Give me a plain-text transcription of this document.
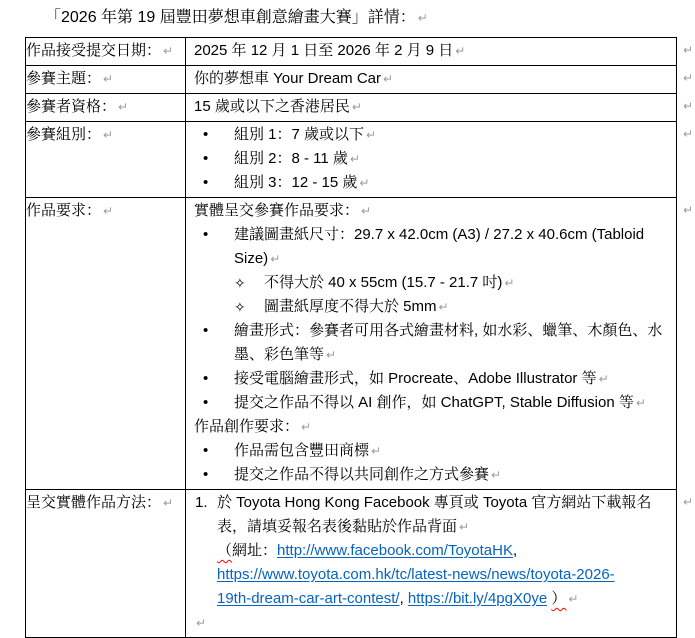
「2026 年第 19 屆豐田夢想車創意繪畫大賽」詳情： ↵

作品接受提交日期： ↵	2025 年 12 月 1 日至 2026 年 2 月 9 日 ↵

參賽主題： ↵	你的夢想車 Your Dream Car ↵

參賽者資格： ↵	15 歲或以下之香港居民 ↵

參賽組別： ↵	• 組別 1：7 歲或以下 ↵
• 組別 2：8 - 11 歲 ↵
• 組別 3：12 - 15 歲 ↵

作品要求： ↵	實體呈交參賽作品要求： ↵
• 建議圖畫紙尺寸：29.7 x 42.0cm (A3) / 27.2 x 40.6cm (Tabloid Size) ↵
✧ 不得大於 40 x 55cm (15.7 - 21.7 吋) ↵
✧ 圖畫紙厚度不得大於 5mm ↵
• 繪畫形式：參賽者可用各式繪畫材料, 如水彩、蠟筆、木顏色、水
墨、彩色筆等 ↵
• 接受電腦繪畫形式，如 Procreate、Adobe Illustrator 等 ↵
• 提交之作品不得以 AI 創作，如 ChatGPT, Stable Diffusion 等 ↵
作品創作要求： ↵
• 作品需包含豐田商標 ↵
• 提交之作品不得以共同創作之方式參賽 ↵

呈交實體作品方法： ↵	1. 於 Toyota Hong Kong Facebook 專頁或 Toyota 官方網站下載報名
表，請填妥報名表後黏貼於作品背面 ↵
（網址：http://www.facebook.com/ToyotaHK,
https://www.toyota.com.hk/tc/latest-news/news/toyota-2026-
19th-dream-car-art-contest/, https://bit.ly/4pgX0ye ） ↵
↵
↵
↵
↵
↵
↵
↵
